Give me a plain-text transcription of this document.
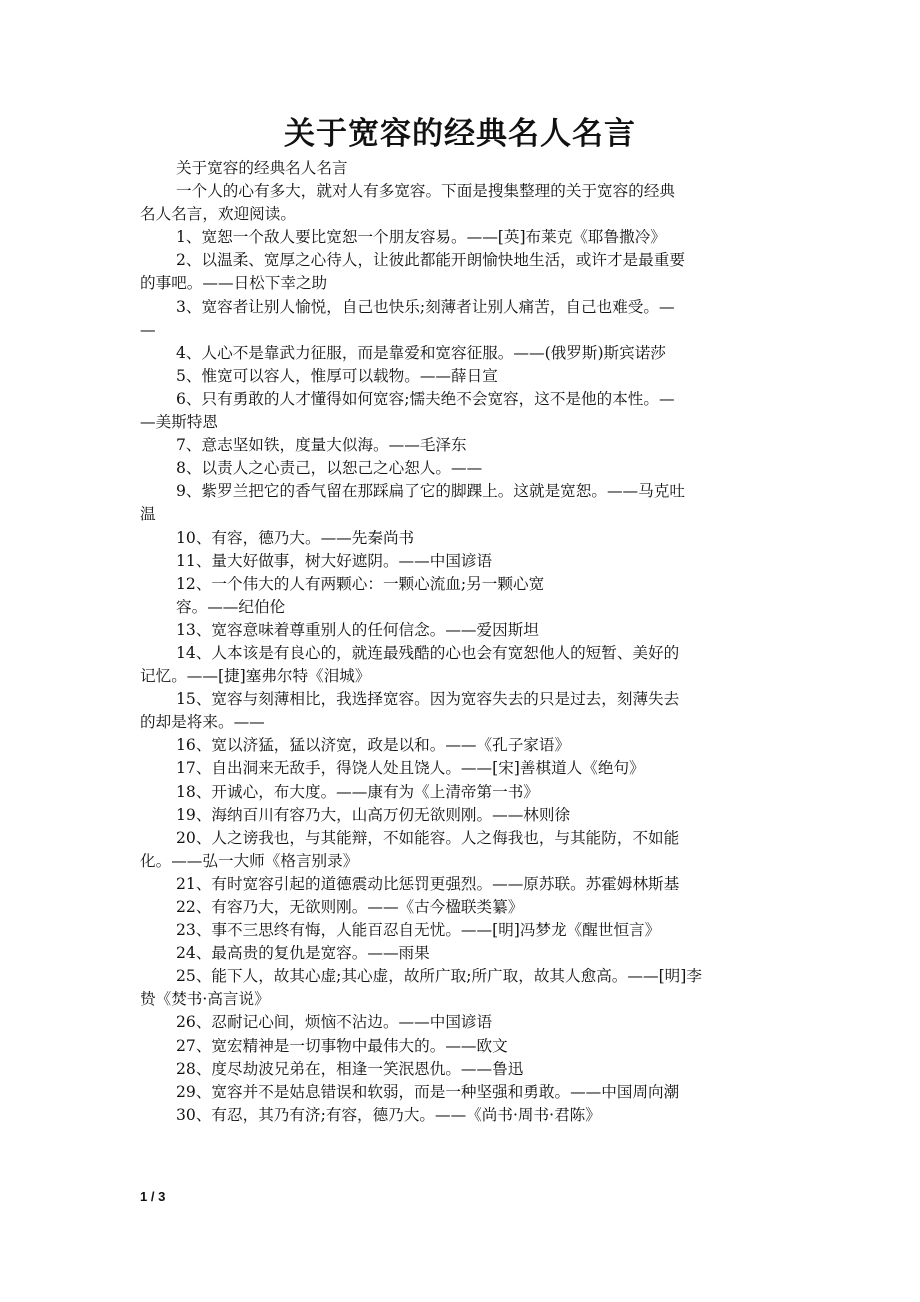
关于宽容的经典名人名言

关于宽容的经典名人名言

一个人的心有多大，就对人有多宽容。下面是搜集整理的关于宽容的经典

名人名言，欢迎阅读。

1、宽恕一个敌人要比宽恕一个朋友容易。——[英]布莱克《耶鲁撒冷》

2、以温柔、宽厚之心待人，让彼此都能开朗愉快地生活，或许才是最重要

的事吧。——日松下幸之助

3、宽容者让别人愉悦，自己也快乐;刻薄者让别人痛苦，自己也难受。—

—

4、人心不是靠武力征服，而是靠爱和宽容征服。——(俄罗斯)斯宾诺莎

5、惟宽可以容人，惟厚可以载物。——薛日宣

6、只有勇敢的人才懂得如何宽容;懦夫绝不会宽容，这不是他的本性。—

—美斯特恩

7、意志坚如铁，度量大似海。——毛泽东

8、以责人之心责己，以恕己之心恕人。——

9、紫罗兰把它的香气留在那踩扁了它的脚踝上。这就是宽恕。——马克吐

温

10、有容，德乃大。——先秦尚书

11、量大好做事，树大好遮阴。——中国谚语

12、一个伟大的人有两颗心：一颗心流血;另一颗心宽

容。——纪伯伦

13、宽容意味着尊重别人的任何信念。——爱因斯坦

14、人本该是有良心的，就连最残酷的心也会有宽恕他人的短暂、美好的

记忆。——[捷]塞弗尔特《泪城》

15、宽容与刻薄相比，我选择宽容。因为宽容失去的只是过去，刻薄失去

的却是将来。——

16、宽以济猛，猛以济宽，政是以和。——《孔子家语》

17、自出洞来无敌手，得饶人处且饶人。——[宋]善棋道人《绝句》

18、开诚心，布大度。——康有为《上清帝第一书》

19、海纳百川有容乃大，山高万仞无欲则刚。——林则徐

20、人之谤我也，与其能辩，不如能容。人之侮我也，与其能防，不如能

化。——弘一大师《格言别录》

21、有时宽容引起的道德震动比惩罚更强烈。——原苏联。苏霍姆林斯基

22、有容乃大，无欲则刚。——《古今楹联类纂》

23、事不三思终有悔，人能百忍自无忧。——[明]冯梦龙《醒世恒言》

24、最高贵的复仇是宽容。——雨果

25、能下人，故其心虚;其心虚，故所广取;所广取，故其人愈高。——[明]李

贽《焚书·高言说》

26、忍耐记心间，烦恼不沾边。——中国谚语

27、宽宏精神是一切事物中最伟大的。——欧文

28、度尽劫波兄弟在，相逢一笑泯恩仇。——鲁迅

29、宽容并不是姑息错误和软弱，而是一种坚强和勇敢。——中国周向潮

30、有忍，其乃有济;有容，德乃大。——《尚书·周书·君陈》

1 / 3
